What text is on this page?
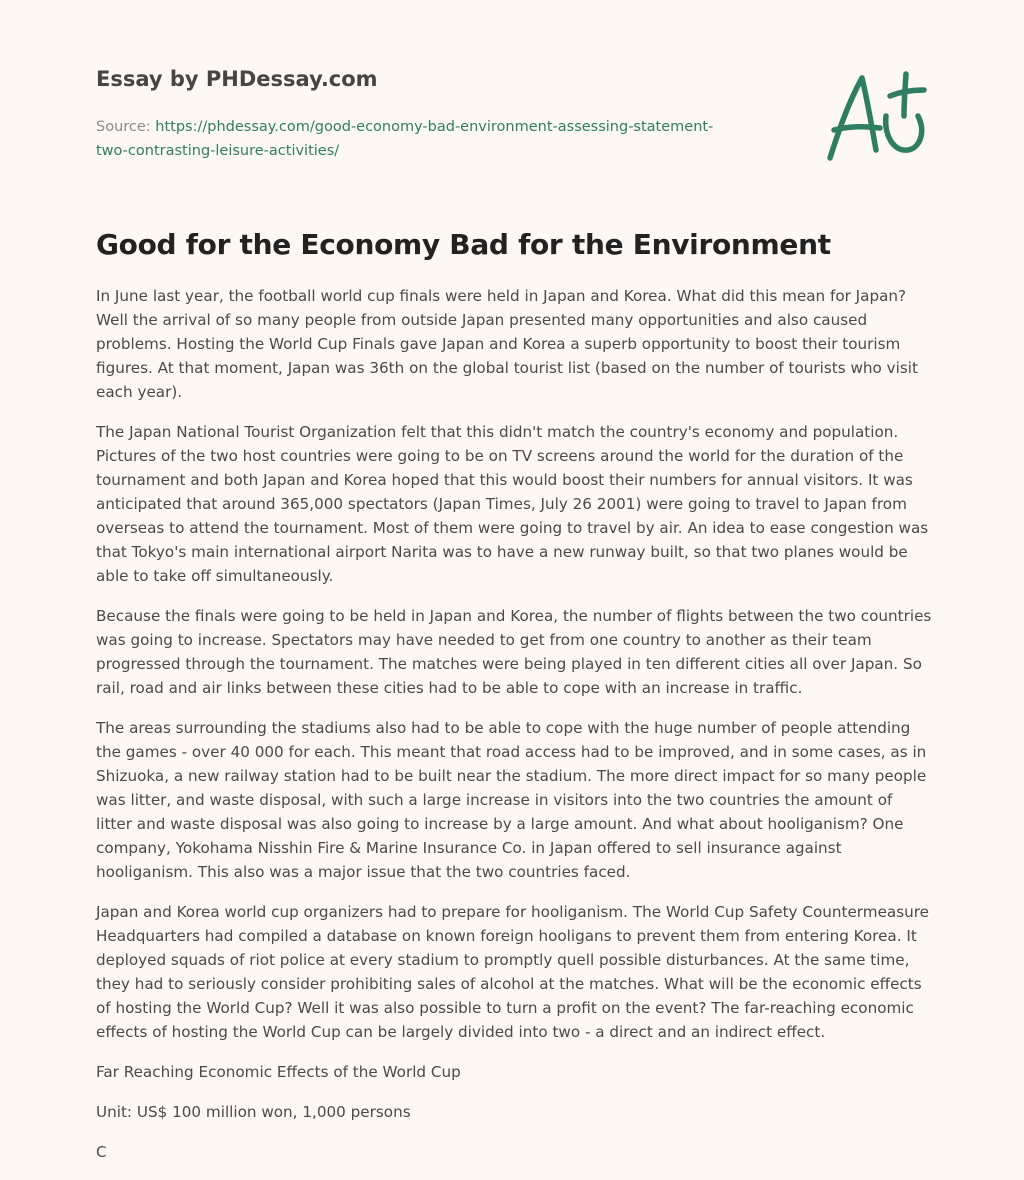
Essay by PHDessay.com
Source: https://phdessay.com/good-economy-bad-environment-assessing-statement-
two-contrasting-leisure-activities/
Good for the Economy Bad for the Environment

In June last year, the football world cup finals were held in Japan and Korea. What did this mean for Japan? Well the arrival of so many people from outside Japan presented many opportunities and also caused problems. Hosting the World Cup Finals gave Japan and Korea a superb opportunity to boost their tourism figures. At that moment, Japan was 36th on the global tourist list (based on the number of tourists who visit each year).

The Japan National Tourist Organization felt that this didn't match the country's economy and population. Pictures of the two host countries were going to be on TV screens around the world for the duration of the tournament and both Japan and Korea hoped that this would boost their numbers for annual visitors. It was anticipated that around 365,000 spectators (Japan Times, July 26 2001) were going to travel to Japan from overseas to attend the tournament. Most of them were going to travel by air. An idea to ease congestion was that Tokyo's main international airport Narita was to have a new runway built, so that two planes would be able to take off simultaneously.

Because the finals were going to be held in Japan and Korea, the number of flights between the two countries was going to increase. Spectators may have needed to get from one country to another as their team progressed through the tournament. The matches were being played in ten different cities all over Japan. So rail, road and air links between these cities had to be able to cope with an increase in traffic.

The areas surrounding the stadiums also had to be able to cope with the huge number of people attending the games - over 40 000 for each. This meant that road access had to be improved, and in some cases, as in Shizuoka, a new railway station had to be built near the stadium. The more direct impact for so many people was litter, and waste disposal, with such a large increase in visitors into the two countries the amount of litter and waste disposal was also going to increase by a large amount. And what about hooliganism? One company, Yokohama Nisshin Fire & Marine Insurance Co. in Japan offered to sell insurance against hooliganism. This also was a major issue that the two countries faced.

Japan and Korea world cup organizers had to prepare for hooliganism. The World Cup Safety Countermeasure Headquarters had compiled a database on known foreign hooligans to prevent them from entering Korea. It deployed squads of riot police at every stadium to promptly quell possible disturbances. At the same time, they had to seriously consider prohibiting sales of alcohol at the matches. What will be the economic effects of hosting the World Cup? Well it was also possible to turn a profit on the event? The far-reaching economic effects of hosting the World Cup can be largely divided into two - a direct and an indirect effect.

Far Reaching Economic Effects of the World Cup

Unit: US$ 100 million won, 1,000 persons

C
